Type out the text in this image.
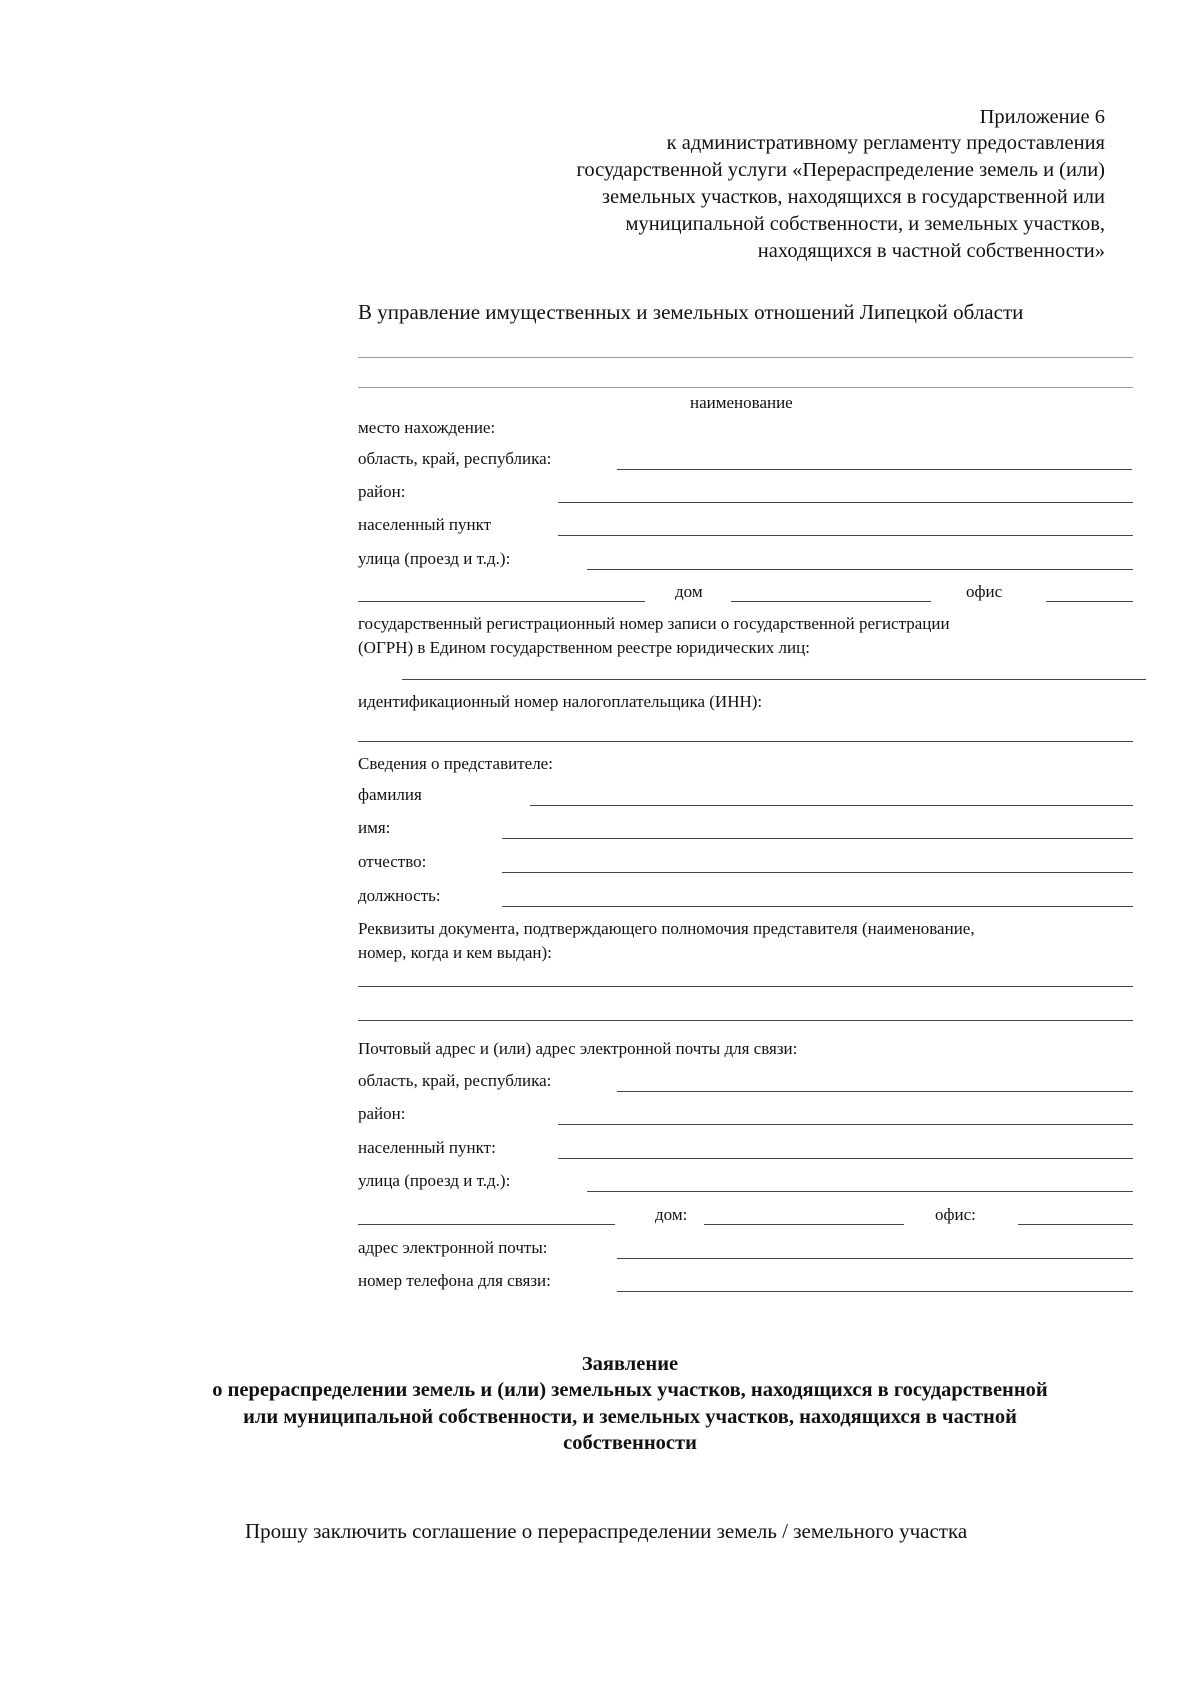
Приложение 6
к административному регламенту предоставления
государственной услуги «Перераспределение земель и (или)
земельных участков, находящихся в государственной или
муниципальной собственности, и земельных участков,
находящихся в частной собственности»
В управление имущественных и земельных отношений Липецкой области
наименование
место нахождение:
область, край, республика:
район:
населенный пункт
улица (проезд и т.д.):
дом	офис
государственный регистрационный номер записи о государственной регистрации
(ОГРН) в Едином государственном реестре юридических лиц:
идентификационный номер налогоплательщика (ИНН):
Сведения о представителе:
фамилия
имя:
отчество:
должность:
Реквизиты документа, подтверждающего полномочия представителя (наименование,
номер, когда и кем выдан):
Почтовый адрес и (или) адрес электронной почты для связи:
область, край, республика:
район:
населенный пункт:
улица (проезд и т.д.):
дом:	офис:
адрес электронной почты:
номер телефона для связи:
Заявление
о перераспределении земель и (или) земельных участков, находящихся в государственной
или муниципальной собственности, и земельных участков, находящихся в частной
собственности
Прошу заключить соглашение о перераспределении земель / земельного участка
